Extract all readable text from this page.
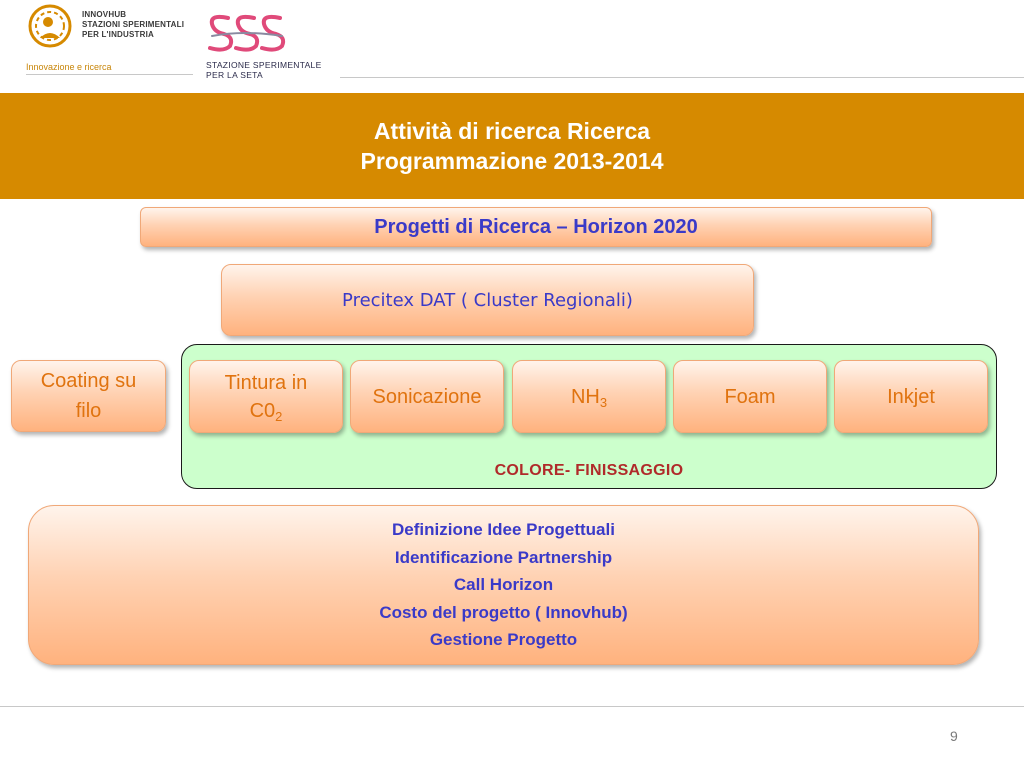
INNOVHUB
STAZIONI SPERIMENTALI
PER L'INDUSTRIA
Innovazione e ricerca	STAZIONE SPERIMENTALE
PER LA SETA
Attività di ricerca Ricerca
Programmazione 2013-2014
Progetti di Ricerca – Horizon 2020
Precitex DAT ( Cluster Regionali)
Coating su
filo
Tintura in
$C0_2$
Sonicazione	$NH_3$	Foam	Inkjet
COLORE- FINISSAGGIO
Definizione Idee Progettuali
Identificazione Partnership
Call Horizon
Costo del progetto ( Innovhub)
Gestione Progetto
9
